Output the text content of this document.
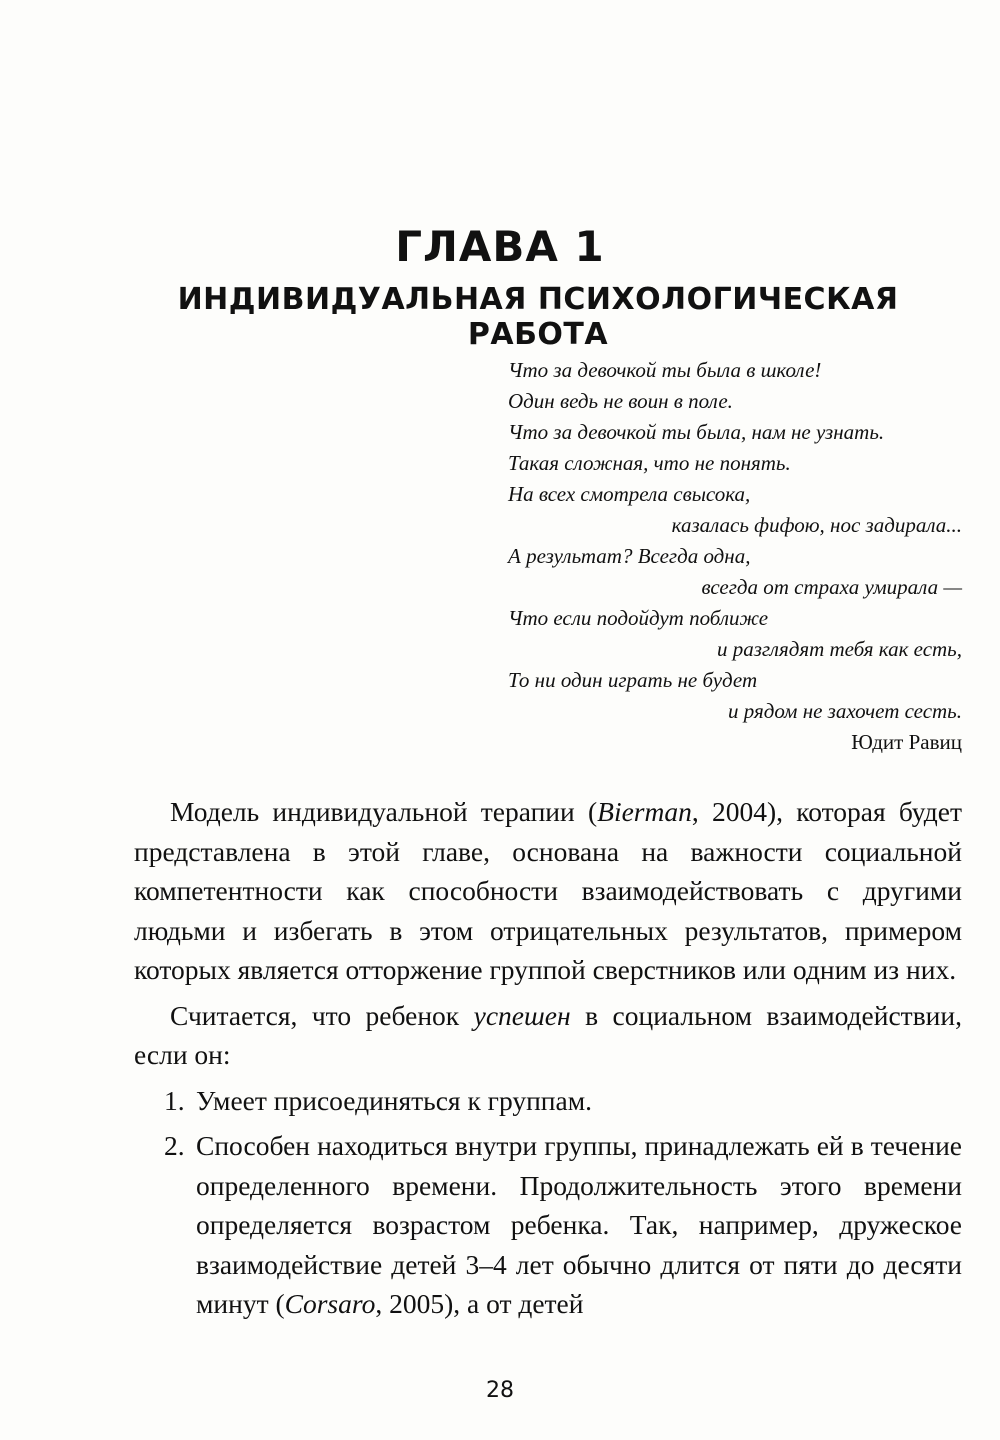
ГЛАВА 1
ИНДИВИДУАЛЬНАЯ ПСИХОЛОГИЧЕСКАЯ РАБОТА
Что за девочкой ты была в школе!
Один ведь не воин в поле.
Что за девочкой ты была, нам не узнать.
Такая сложная, что не понять.
На всех смотрела свысока,
казалась фифою, нос задирала...
А результат? Всегда одна,
всегда от страха умирала —
Что если подойдут поближе
и разглядят тебя как есть,
То ни один играть не будет
и рядом не захочет сесть.
Юдит Равиц

Модель индивидуальной терапии (Bierman, 2004), которая будет представлена в этой главе, основана на важности социальной компетентности как способности взаимодействовать с другими людьми и избегать в этом отрицательных результатов, примером которых является отторжение группой сверстников или одним из них.

Считается, что ребенок успешен в социальном взаимодействии, если он:

1. Умеет присоединяться к группам.
2. Способен находиться внутри группы, принадлежать ей в течение определенного времени. Продолжительность этого времени определяется возрастом ребенка. Так, например, дружеское взаимодействие детей 3–4 лет обычно длится от пяти до десяти минут (Corsaro, 2005), а от детей
28
